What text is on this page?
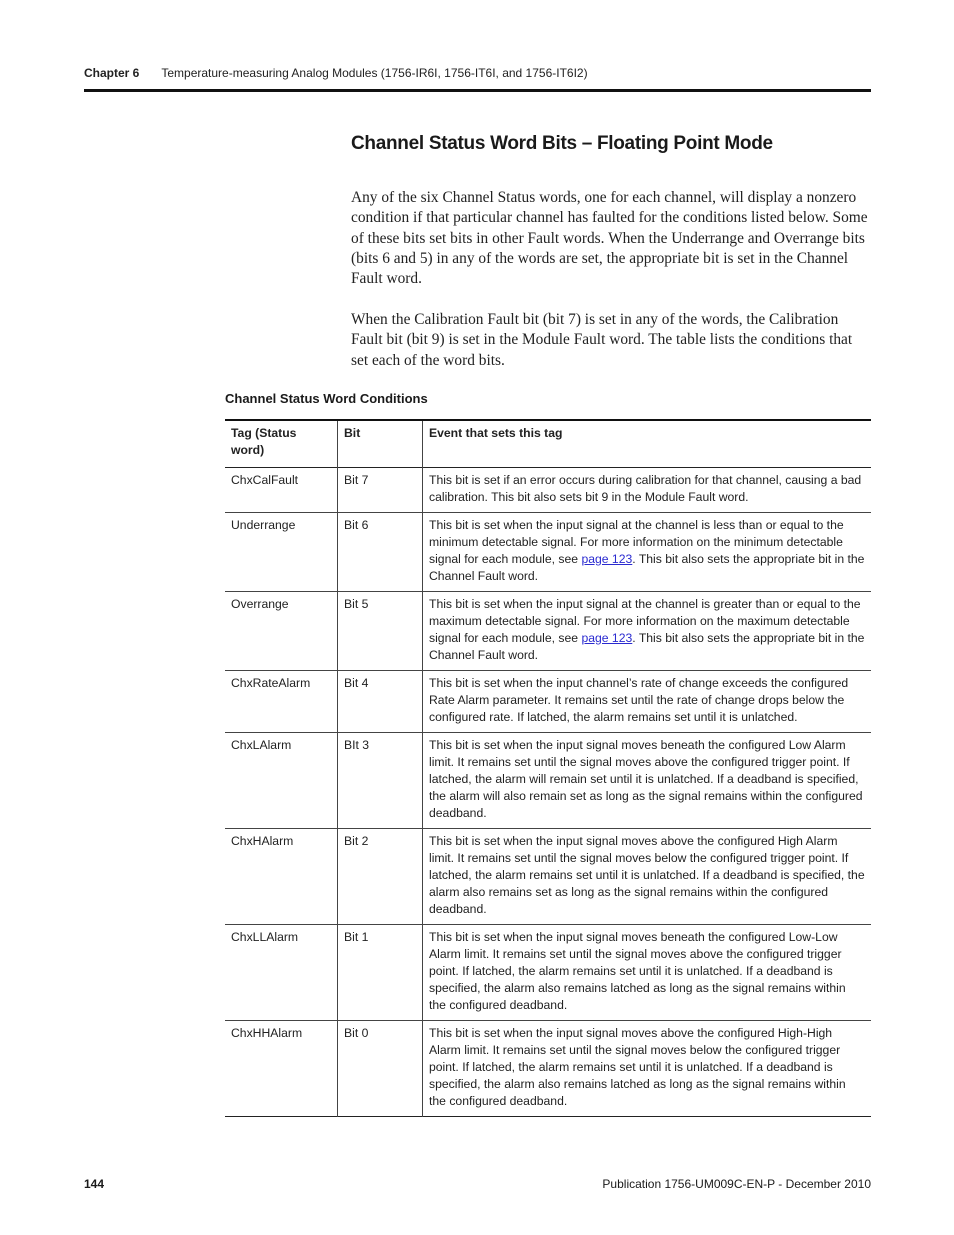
Chapter 6 Temperature-measuring Analog Modules (1756-IR6I, 1756-IT6I, and 1756-IT6I2)
Channel Status Word Bits – Floating Point Mode

Any of the six Channel Status words, one for each channel, will display a nonzero condition if that particular channel has faulted for the conditions listed below. Some of these bits set bits in other Fault words. When the Underrange and Overrange bits (bits 6 and 5) in any of the words are set, the appropriate bit is set in the Channel Fault word.

When the Calibration Fault bit (bit 7) is set in any of the words, the Calibration Fault bit (bit 9) is set in the Module Fault word. The table lists the conditions that set each of the word bits.

Channel Status Word Conditions
Tag (Status word)	Bit	Event that sets this tag
ChxCalFault	Bit 7	This bit is set if an error occurs during calibration for that channel, causing a bad calibration. This bit also sets bit 9 in the Module Fault word.
Underrange	Bit 6	This bit is set when the input signal at the channel is less than or equal to the minimum detectable signal. For more information on the minimum detectable signal for each module, see page 123. This bit also sets the appropriate bit in the Channel Fault word.
Overrange	Bit 5	This bit is set when the input signal at the channel is greater than or equal to the maximum detectable signal. For more information on the maximum detectable signal for each module, see page 123. This bit also sets the appropriate bit in the Channel Fault word.
ChxRateAlarm	Bit 4	This bit is set when the input channel’s rate of change exceeds the configured Rate Alarm parameter. It remains set until the rate of change drops below the configured rate. If latched, the alarm remains set until it is unlatched.
ChxLAlarm	BIt 3	This bit is set when the input signal moves beneath the configured Low Alarm limit. It remains set until the signal moves above the configured trigger point. If latched, the alarm will remain set until it is unlatched. If a deadband is specified, the alarm will also remain set as long as the signal remains within the configured deadband.
ChxHAlarm	Bit 2	This bit is set when the input signal moves above the configured High Alarm limit. It remains set until the signal moves below the configured trigger point. If latched, the alarm remains set until it is unlatched. If a deadband is specified, the alarm also remains set as long as the signal remains within the configured deadband.
ChxLLAlarm	Bit 1	This bit is set when the input signal moves beneath the configured Low-Low Alarm limit. It remains set until the signal moves above the configured trigger point. If latched, the alarm remains set until it is unlatched. If a deadband is specified, the alarm also remains latched as long as the signal remains within the configured deadband.
ChxHHAlarm	Bit 0	This bit is set when the input signal moves above the configured High-High Alarm limit. It remains set until the signal moves below the configured trigger point. If latched, the alarm remains set until it is unlatched. If a deadband is specified, the alarm also remains latched as long as the signal remains within the configured deadband.
144	Publication 1756-UM009C-EN-P - December 2010
